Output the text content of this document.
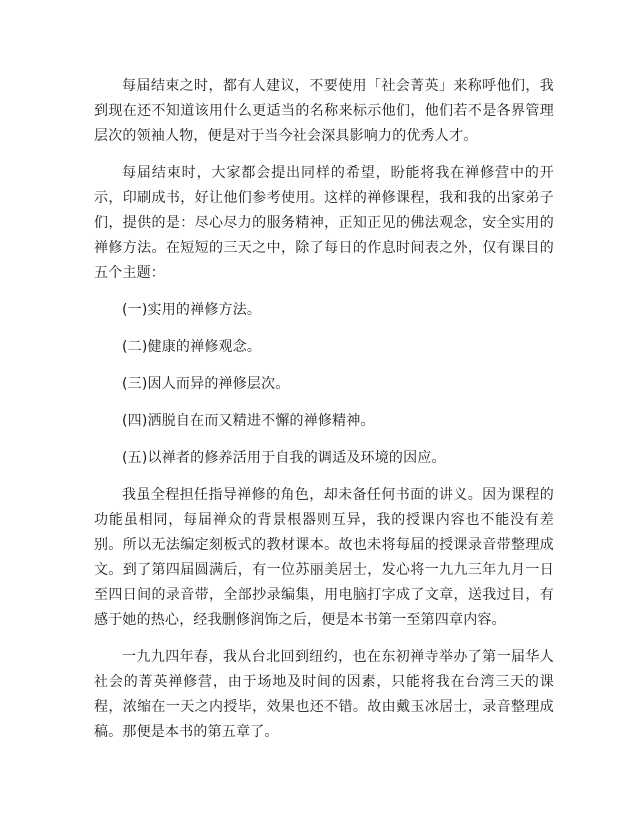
每届结束之时，都有人建议，不要使用「社会菁英」来称呼他们，我到现在还不知道该用什么更适当的名称来标示他们，他们若不是各界管理层次的领袖人物，便是对于当今社会深具影响力的优秀人才。

每届结束时，大家都会提出同样的希望，盼能将我在禅修营中的开示，印刷成书，好让他们参考使用。这样的禅修课程，我和我的出家弟子们，提供的是：尽心尽力的服务精神，正知正见的佛法观念，安全实用的禅修方法。在短短的三天之中，除了每日的作息时间表之外，仅有课目的五个主题：

(一)实用的禅修方法。

(二)健康的禅修观念。

(三)因人而异的禅修层次。

(四)洒脱自在而又精进不懈的禅修精神。

(五)以禅者的修养活用于自我的调适及环境的因应。

我虽全程担任指导禅修的角色，却未备任何书面的讲义。因为课程的功能虽相同，每届禅众的背景根器则互异，我的授课内容也不能没有差别。所以无法编定刻板式的教材课本。故也未将每届的授课录音带整理成文。到了第四届圆满后，有一位苏丽美居士，发心将一九九三年九月一日至四日间的录音带，全部抄录编集，用电脑打字成了文章，送我过目，有感于她的热心，经我删修润饰之后，便是本书第一至第四章内容。

一九九四年春，我从台北回到纽约，也在东初禅寺举办了第一届华人社会的菁英禅修营，由于场地及时间的因素，只能将我在台湾三天的课程，浓缩在一天之内授毕，效果也还不错。故由戴玉冰居士，录音整理成稿。那便是本书的第五章了。
